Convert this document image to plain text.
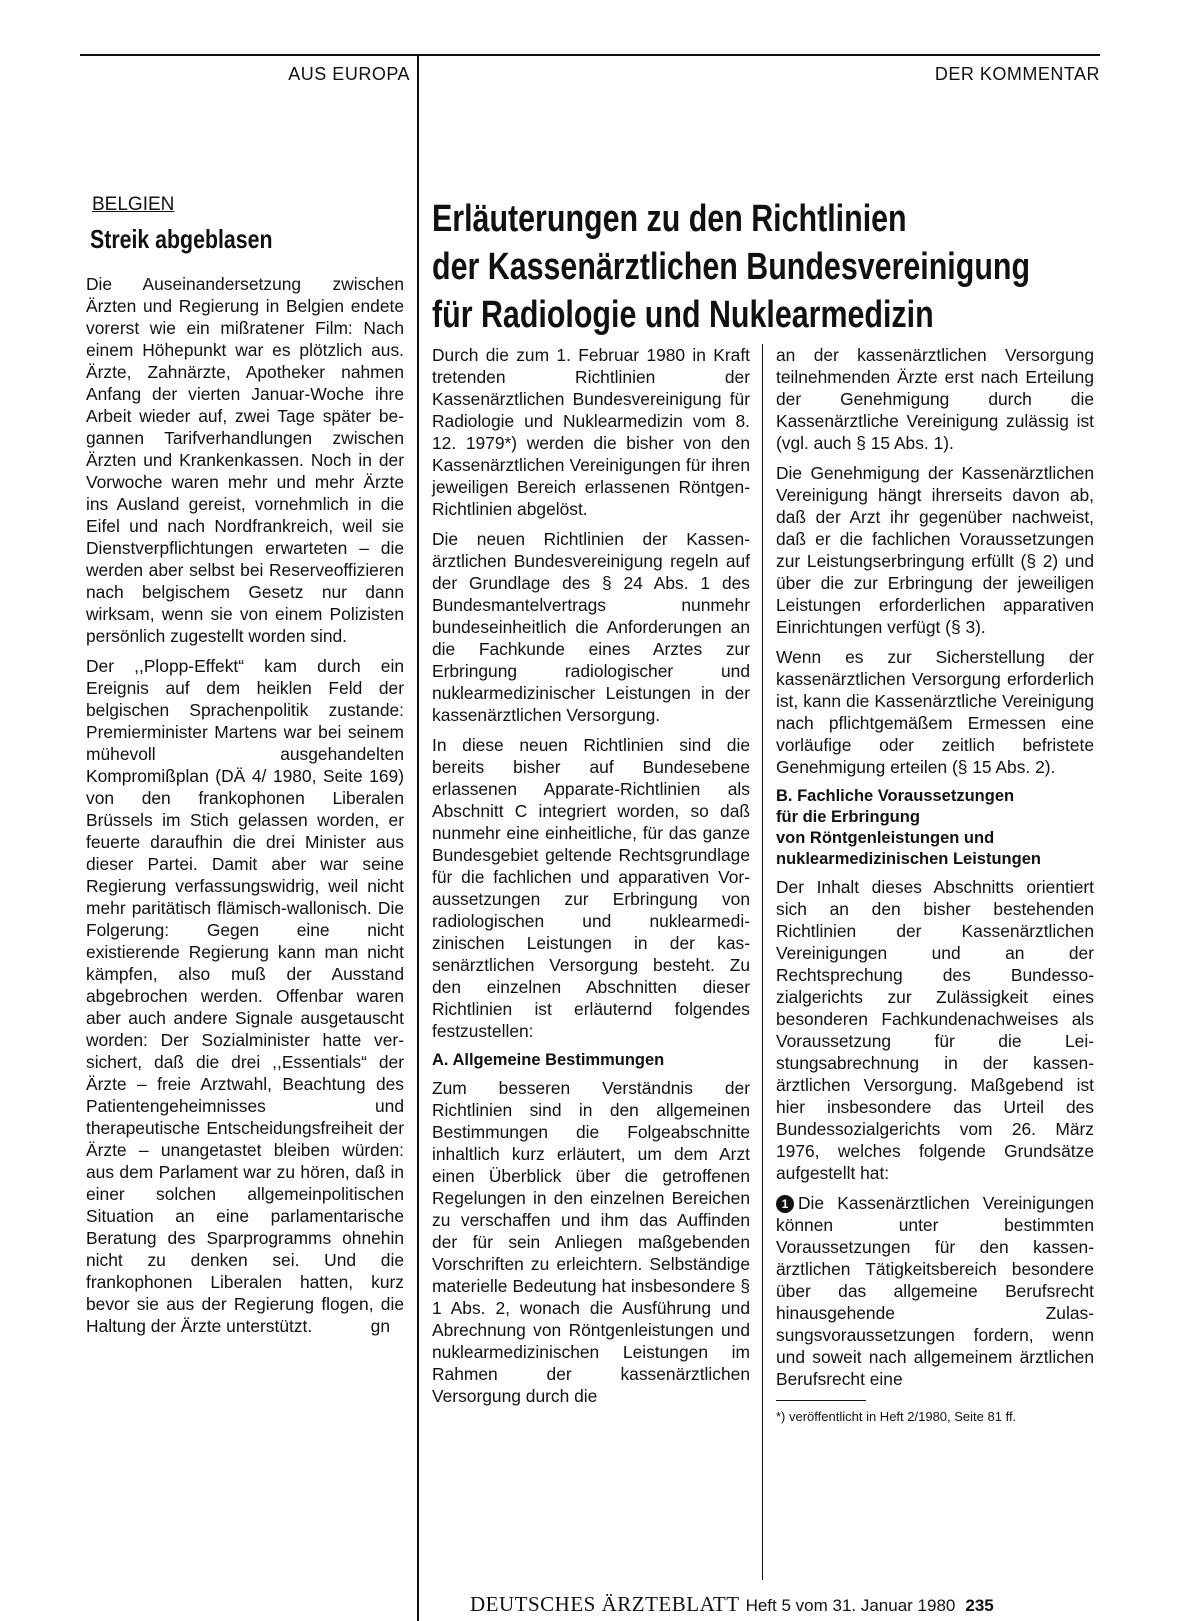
AUS EUROPA	DER KOMMENTAR
BELGIEN
Streik abgeblasen

Die Auseinandersetzung zwischen Ärzten und Regierung in Belgien endete vorerst wie ein mißratener Film: Nach einem Höhepunkt war es plötzlich aus. Ärzte, Zahnärzte, Apotheker nahmen Anfang der vierten Januar-Woche ihre Arbeit wieder auf, zwei Tage später begannen Tarifverhandlungen zwischen Ärzten und Krankenkassen. Noch in der Vorwoche waren mehr und mehr Ärzte ins Ausland gereist, vornehmlich in die Eifel und nach Nordfrankreich, weil sie Dienstverpflichtungen erwarteten – die werden aber selbst bei Reserveoffizieren nach belgischem Gesetz nur dann wirksam, wenn sie von einem Polizisten persönlich zugestellt worden sind.

Der ,,Plopp-Effekt“ kam durch ein Ereignis auf dem heiklen Feld der belgischen Sprachenpolitik zustande: Premierminister Martens war bei seinem mühevoll ausgehandelten Kompromißplan (DÄ 4/ 1980, Seite 169) von den frankophonen Liberalen Brüssels im Stich gelassen worden, er feuerte daraufhin die drei Minister aus dieser Partei. Damit aber war seine Regierung verfassungswidrig, weil nicht mehr paritätisch flämisch-wallonisch. Die Folgerung: Gegen eine nicht existierende Regierung kann man nicht kämpfen, also muß der Ausstand abgebrochen werden. Offenbar waren aber auch andere Signale ausgetauscht worden: Der Sozialminister hatte versichert, daß die drei ,,Essentials“ der Ärzte – freie Arztwahl, Beachtung des Patientengeheimnisses und therapeutische Entscheidungsfreiheit der Ärzte – unangetastet bleiben würden: aus dem Parlament war zu hören, daß in einer solchen allgemeinpolitischen Situation an eine parlamentarische Beratung des Sparprogramms ohnehin nicht zu denken sei. Und die frankophonen Liberalen hatten, kurz bevor sie aus der Regierung flogen, die Haltung der Ärzte unterstützt.	gn

Erläuterungen zu den Richtlinien
der Kassenärztlichen Bundesvereinigung
für Radiologie und Nuklearmedizin

Durch die zum 1. Februar 1980 in Kraft tretenden Richtlinien der Kassenärztlichen Bundesvereinigung für Radiologie und Nuklearmedizin vom 8. 12. 1979*) werden die bisher von den Kassenärztlichen Vereinigungen für ihren jeweiligen Bereich erlassenen Röntgen-Richtlinien abgelöst.

Die neuen Richtlinien der Kassenärztlichen Bundesvereinigung regeln auf der Grundlage des § 24 Abs. 1 des Bundesmantelvertrags nunmehr bundeseinheitlich die Anforderungen an die Fachkunde eines Arztes zur Erbringung radiologischer und nuklearmedizinischer Leistungen in der kassenärztlichen Versorgung.

In diese neuen Richtlinien sind die bereits bisher auf Bundesebene erlassenen Apparate-Richtlinien als Abschnitt C integriert worden, so daß nunmehr eine einheitliche, für das ganze Bundesgebiet geltende Rechtsgrundlage für die fachlichen und apparativen Voraussetzungen zur Erbringung von radiologischen und nuklearmedizinischen Leistungen in der kassenärztlichen Versorgung besteht. Zu den einzelnen Abschnitten dieser Richtlinien ist erläuternd folgendes festzustellen:

A. Allgemeine Bestimmungen

Zum besseren Verständnis der Richtlinien sind in den allgemeinen Bestimmungen die Folgeabschnitte inhaltlich kurz erläutert, um dem Arzt einen Überblick über die getroffenen Regelungen in den einzelnen Bereichen zu verschaffen und ihm das Auffinden der für sein Anliegen maßgebenden Vorschriften zu erleichtern. Selbständige materielle Bedeutung hat insbesondere § 1 Abs. 2, wonach die Ausführung und Abrechnung von Röntgenleistungen und nuklearmedizinischen Leistungen im Rahmen der kassenärztlichen Versorgung durch die

an der kassenärztlichen Versorgung teilnehmenden Ärzte erst nach Erteilung der Genehmigung durch die Kassenärztliche Vereinigung zulässig ist (vgl. auch § 15 Abs. 1).

Die Genehmigung der Kassenärztlichen Vereinigung hängt ihrerseits davon ab, daß der Arzt ihr gegenüber nachweist, daß er die fachlichen Voraussetzungen zur Leistungserbringung erfüllt (§ 2) und über die zur Erbringung der jeweiligen Leistungen erforderlichen apparativen Einrichtungen verfügt (§ 3).

Wenn es zur Sicherstellung der kassenärztlichen Versorgung erforderlich ist, kann die Kassenärztliche Vereinigung nach pflichtgemäßem Ermessen eine vorläufige oder zeitlich befristete Genehmigung erteilen (§ 15 Abs. 2).

B. Fachliche Voraussetzungen
für die Erbringung
von Röntgenleistungen und
nuklearmedizinischen Leistungen

Der Inhalt dieses Abschnitts orientiert sich an den bisher bestehenden Richtlinien der Kassenärztlichen Vereinigungen und an der Rechtsprechung des Bundessozialgerichts zur Zulässigkeit eines besonderen Fachkundenachweises als Voraussetzung für die Leistungsabrechnung in der kassenärztlichen Versorgung. Maßgebend ist hier insbesondere das Urteil des Bundessozialgerichts vom 26. März 1976, welches folgende Grundsätze aufgestellt hat:

1 Die Kassenärztlichen Vereinigungen können unter bestimmten Voraussetzungen für den kassenärztlichen Tätigkeitsbereich besondere über das allgemeine Berufsrecht hinausgehende Zulassungsvoraussetzungen fordern, wenn und soweit nach allgemeinem ärztlichen Berufsrecht eine

*) veröffentlicht in Heft 2/1980, Seite 81 ff.
DEUTSCHES ÄRZTEBLATT Heft 5 vom 31. Januar 1980 235
